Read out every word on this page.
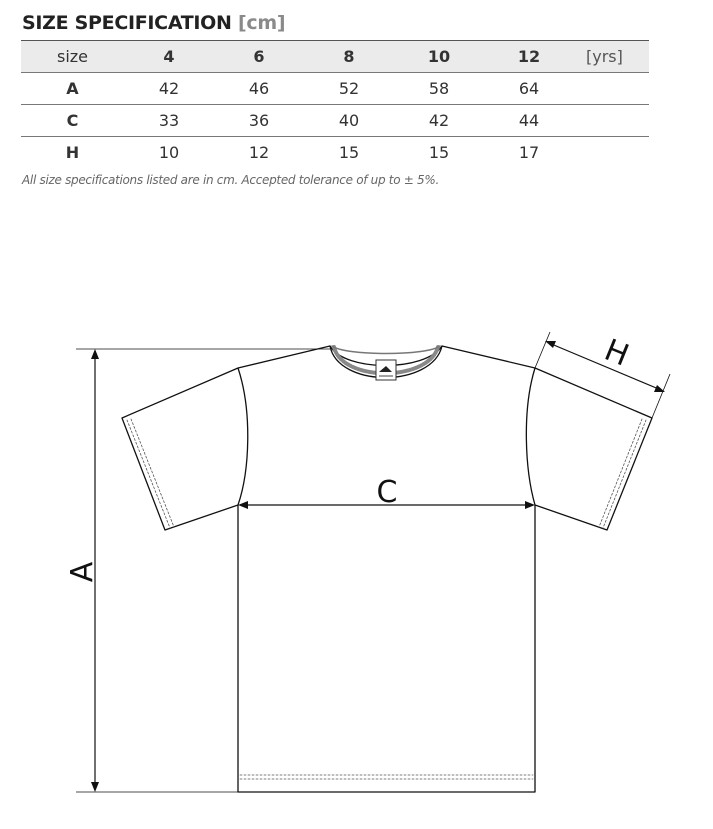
SIZE SPECIFICATION [cm]
size	4	6	8	10	12	[yrs]
A	42	46	52	58	64	
C	33	36	40	42	44	
H	10	12	15	15	17	
All size specifications listed are in cm. Accepted tolerance of up to ± 5%.
A
C
H
